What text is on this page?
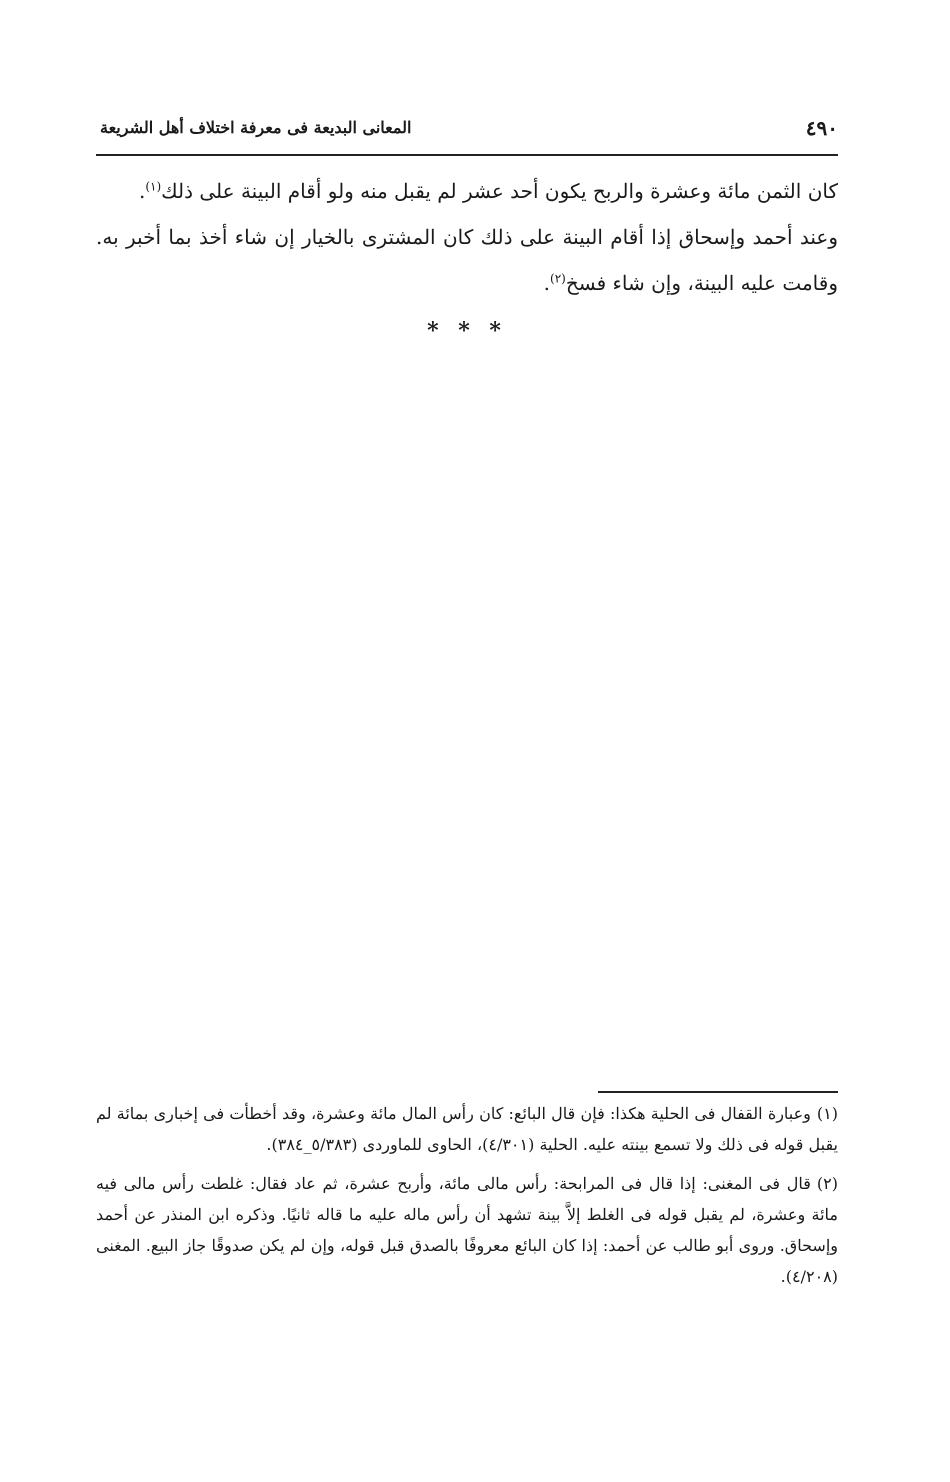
٤٩٠
المعانى البديعة فى معرفة اختلاف أهل الشريعة

كان الثمن مائة وعشرة والربح يكون أحد عشر لم يقبل منه ولو أقام البينة على ذلك$^{(١)}$.

وعند أحمد وإسحاق إذا أقام البينة على ذلك كان المشترى بالخيار إن شاء أخذ بما أخبر به. وقامت عليه البينة، وإن شاء فسخ$^{(٢)}$.

* * *

(١)وعبارة القفال فى الحلية هكذا: فإن قال البائع: كان رأس المال مائة وعشرة، وقد أخطأت فى إخبارى بمائة لم يقبل قوله فى ذلك ولا تسمع بينته عليه. الحلية (٤/٣٠١)، الحاوى للماوردى (٥/٣٨٣_٣٨٤).

(٢)قال فى المغنى: إذا قال فى المرابحة: رأس مالى مائة، وأربح عشرة، ثم عاد فقال: غلطت رأس مالى فيه مائة وعشرة، لم يقبل قوله فى الغلط إلاَّ بينة تشهد أن رأس ماله عليه ما قاله ثانيًا. وذكره ابن المنذر عن أحمد وإسحاق. وروى أبو طالب عن أحمد: إذا كان البائع معروفًا بالصدق قبل قوله، وإن لم يكن صدوقًا جاز البيع. المغنى (٤/٢٠٨).
